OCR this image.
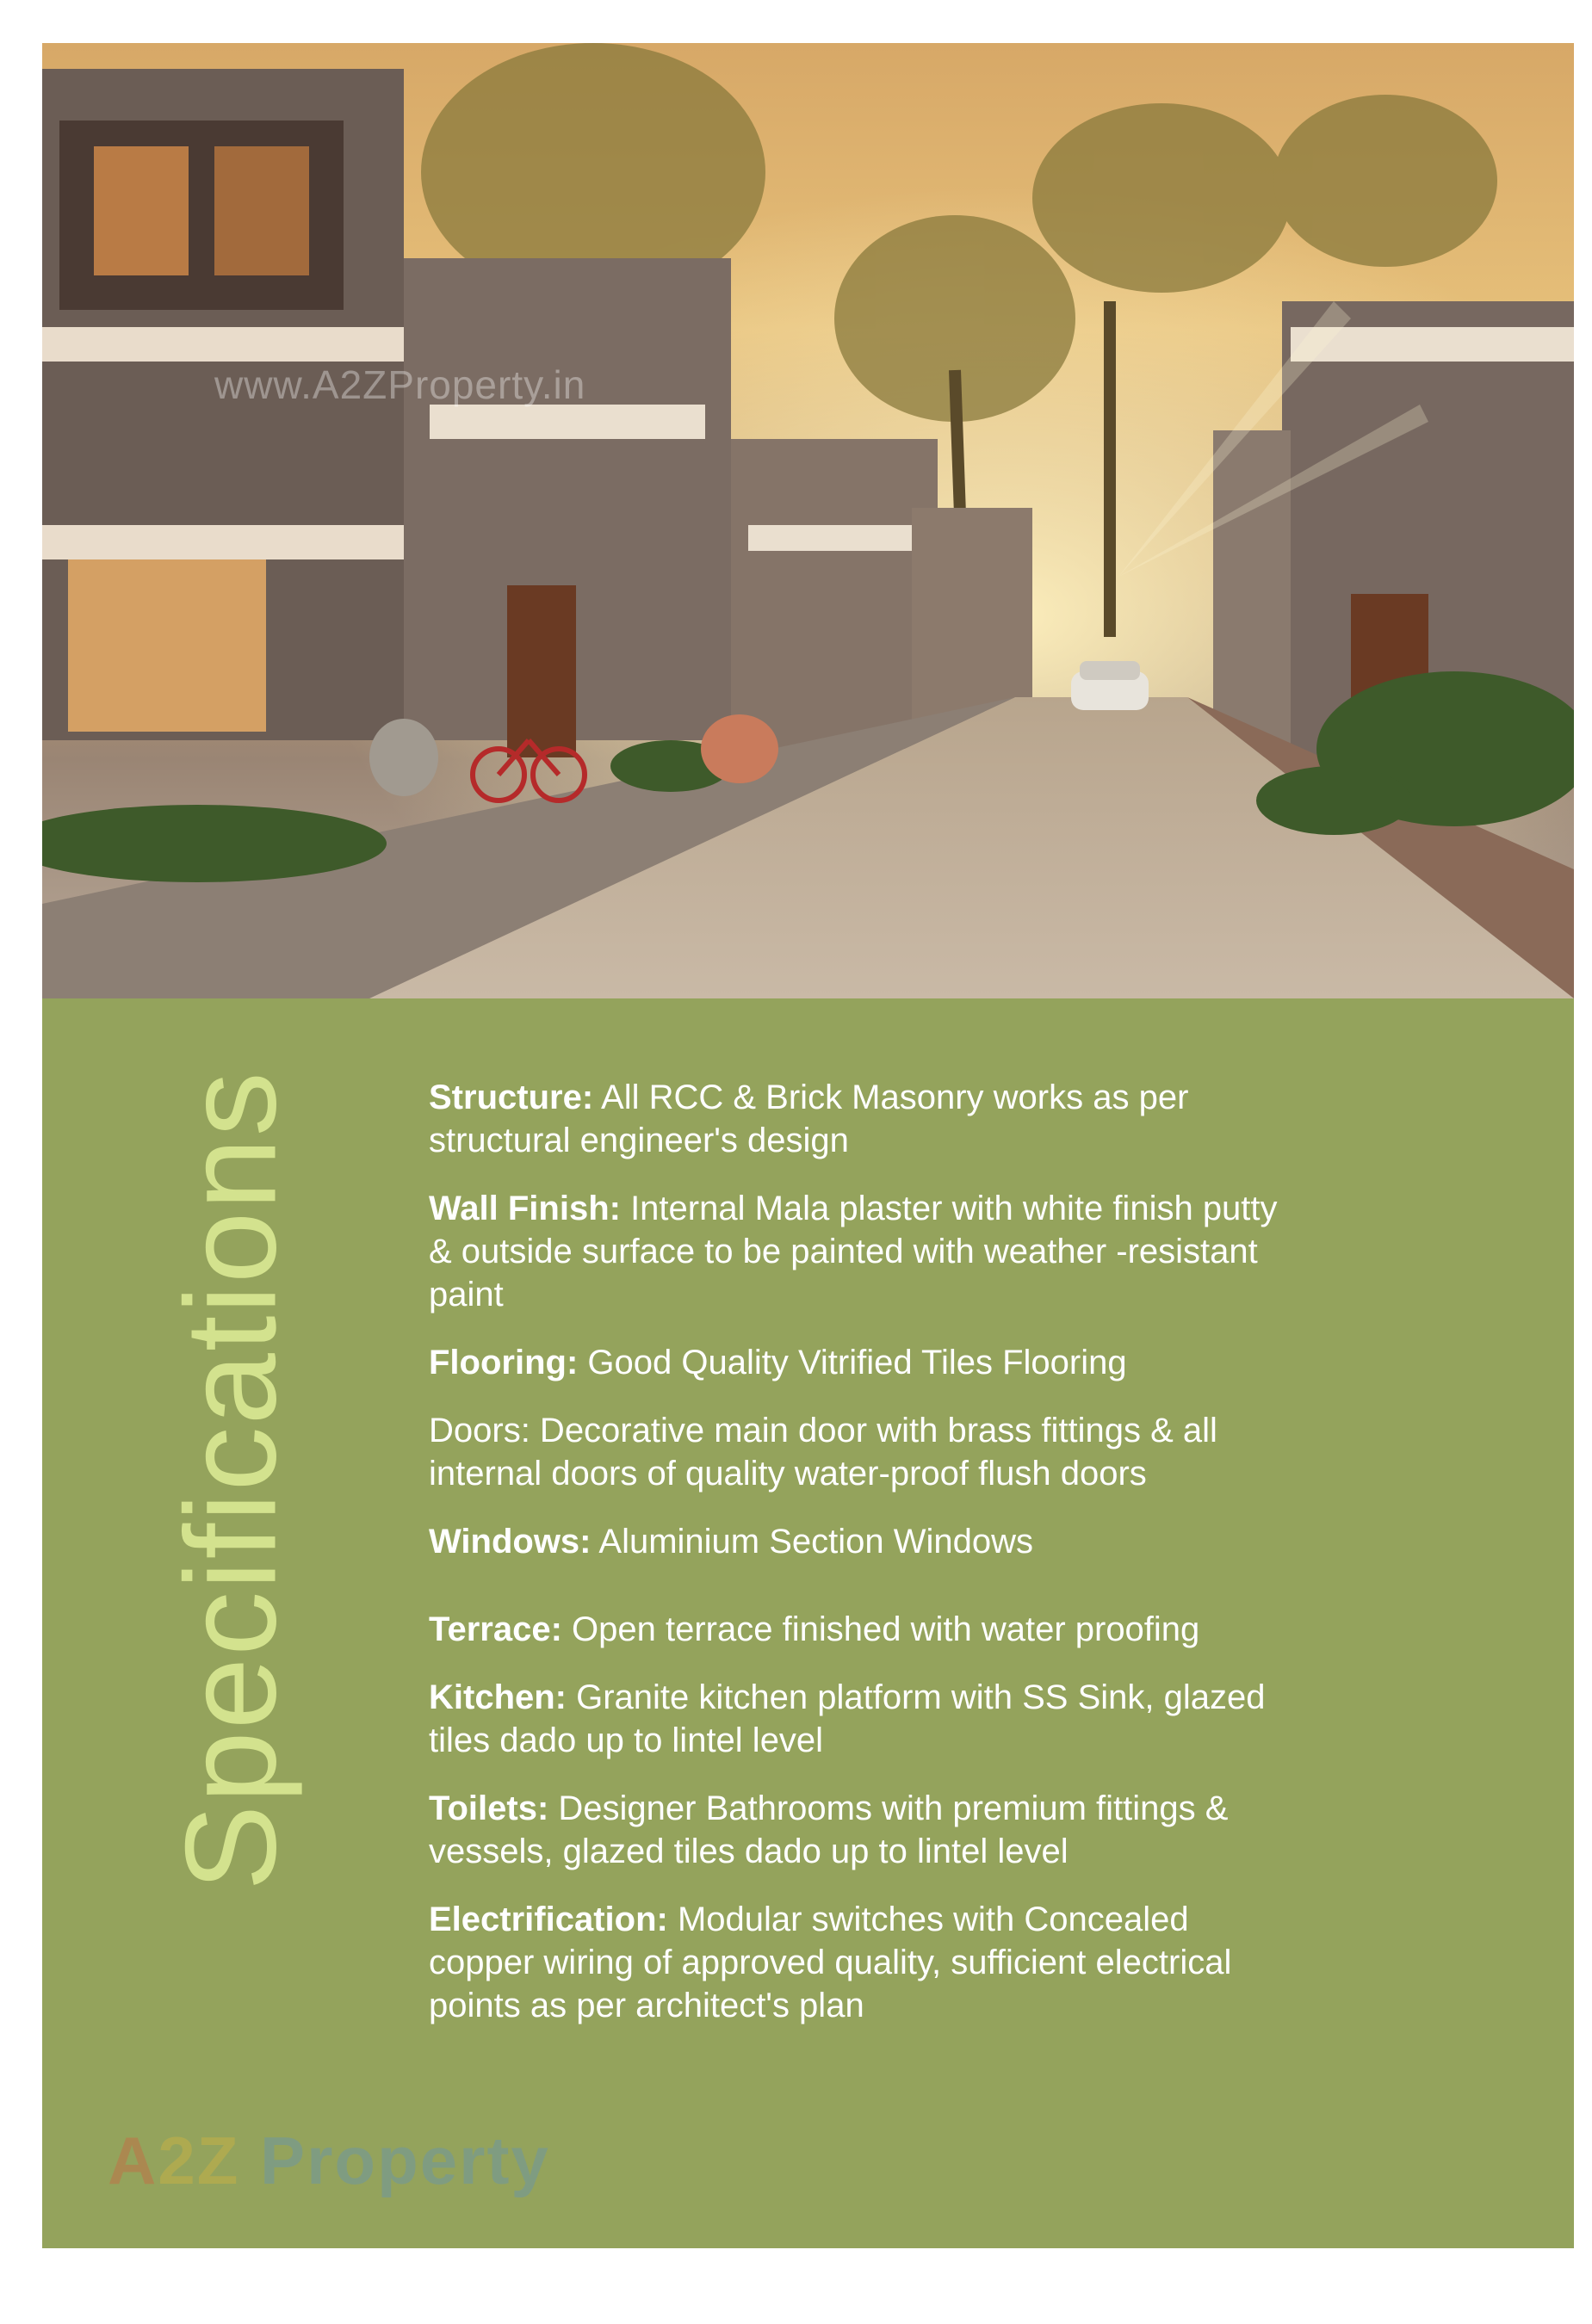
www.A2ZProperty.in
Specifications	Structure: All RCC & Brick Masonry works as per structural engineer's design

Wall Finish: Internal Mala plaster with white finish putty & outside surface to be painted with weather -resistant paint

Flooring: Good Quality Vitrified Tiles Flooring

Doors: Decorative main door with brass fittings & all internal doors of quality water-proof flush doors

Windows: Aluminium Section Windows

Terrace: Open terrace finished with water proofing

Kitchen: Granite kitchen platform with SS Sink, glazed tiles dado up to lintel level

Toilets: Designer Bathrooms with premium fittings & vessels, glazed tiles dado up to lintel level

Electrification: Modular switches with Concealed copper wiring of approved quality, sufficient electrical points as per architect's plan

A2Z Property
